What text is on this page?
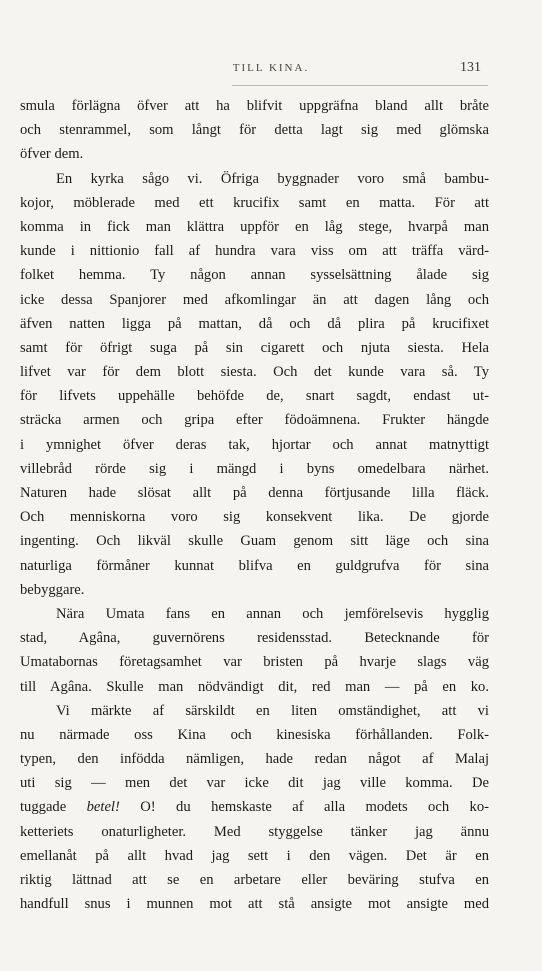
TILL KINA.	131
smula förlägna öfver att ha blifvit uppgräfna bland allt bråte
och stenrammel, som långt för detta lagt sig med glömska
öfver dem.
En kyrka sågo vi. Öfriga byggnader voro små bambu-
kojor, möblerade med ett krucifix samt en matta. För att
komma in fick man klättra uppför en låg stege, hvarpå man
kunde i nittionio fall af hundra vara viss om att träffa värd-
folket hemma. Ty någon annan sysselsättning ålade sig
icke dessa Spanjorer med afkomlingar än att dagen lång och
äfven natten ligga på mattan, då och då plira på krucifixet
samt för öfrigt suga på sin cigarett och njuta siesta. Hela
lifvet var för dem blott siesta. Och det kunde vara så. Ty
för lifvets uppehälle behöfde de, snart sagdt, endast ut-
sträcka armen och gripa efter födoämnena. Frukter hängde
i ymnighet öfver deras tak, hjortar och annat matnyttigt
villebråd rörde sig i mängd i byns omedelbara närhet.
Naturen hade slösat allt på denna förtjusande lilla fläck.
Och menniskorna voro sig konsekvent lika. De gjorde
ingenting. Och likväl skulle Guam genom sitt läge och sina
naturliga förmåner kunnat blifva en guldgrufva för sina
bebyggare.
Nära Umata fans en annan och jemförelsevis hygglig
stad, Agâna, guvernörens residensstad. Betecknande för
Umatabornas företagsamhet var bristen på hvarje slags väg
till Agâna. Skulle man nödvändigt dit, red man — på en ko.
Vi märkte af särskildt en liten omständighet, att vi
nu närmade oss Kina och kinesiska förhållanden. Folk-
typen, den infödda nämligen, hade redan något af Malaj
uti sig — men det var icke dit jag ville komma. De
tuggade betel! O! du hemskaste af alla modets och ko-
ketteriets onaturligheter. Med styggelse tänker jag ännu
emellanåt på allt hvad jag sett i den vägen. Det är en
riktig lättnad att se en arbetare eller beväring stufva en
handfull snus i munnen mot att stå ansigte mot ansigte med
